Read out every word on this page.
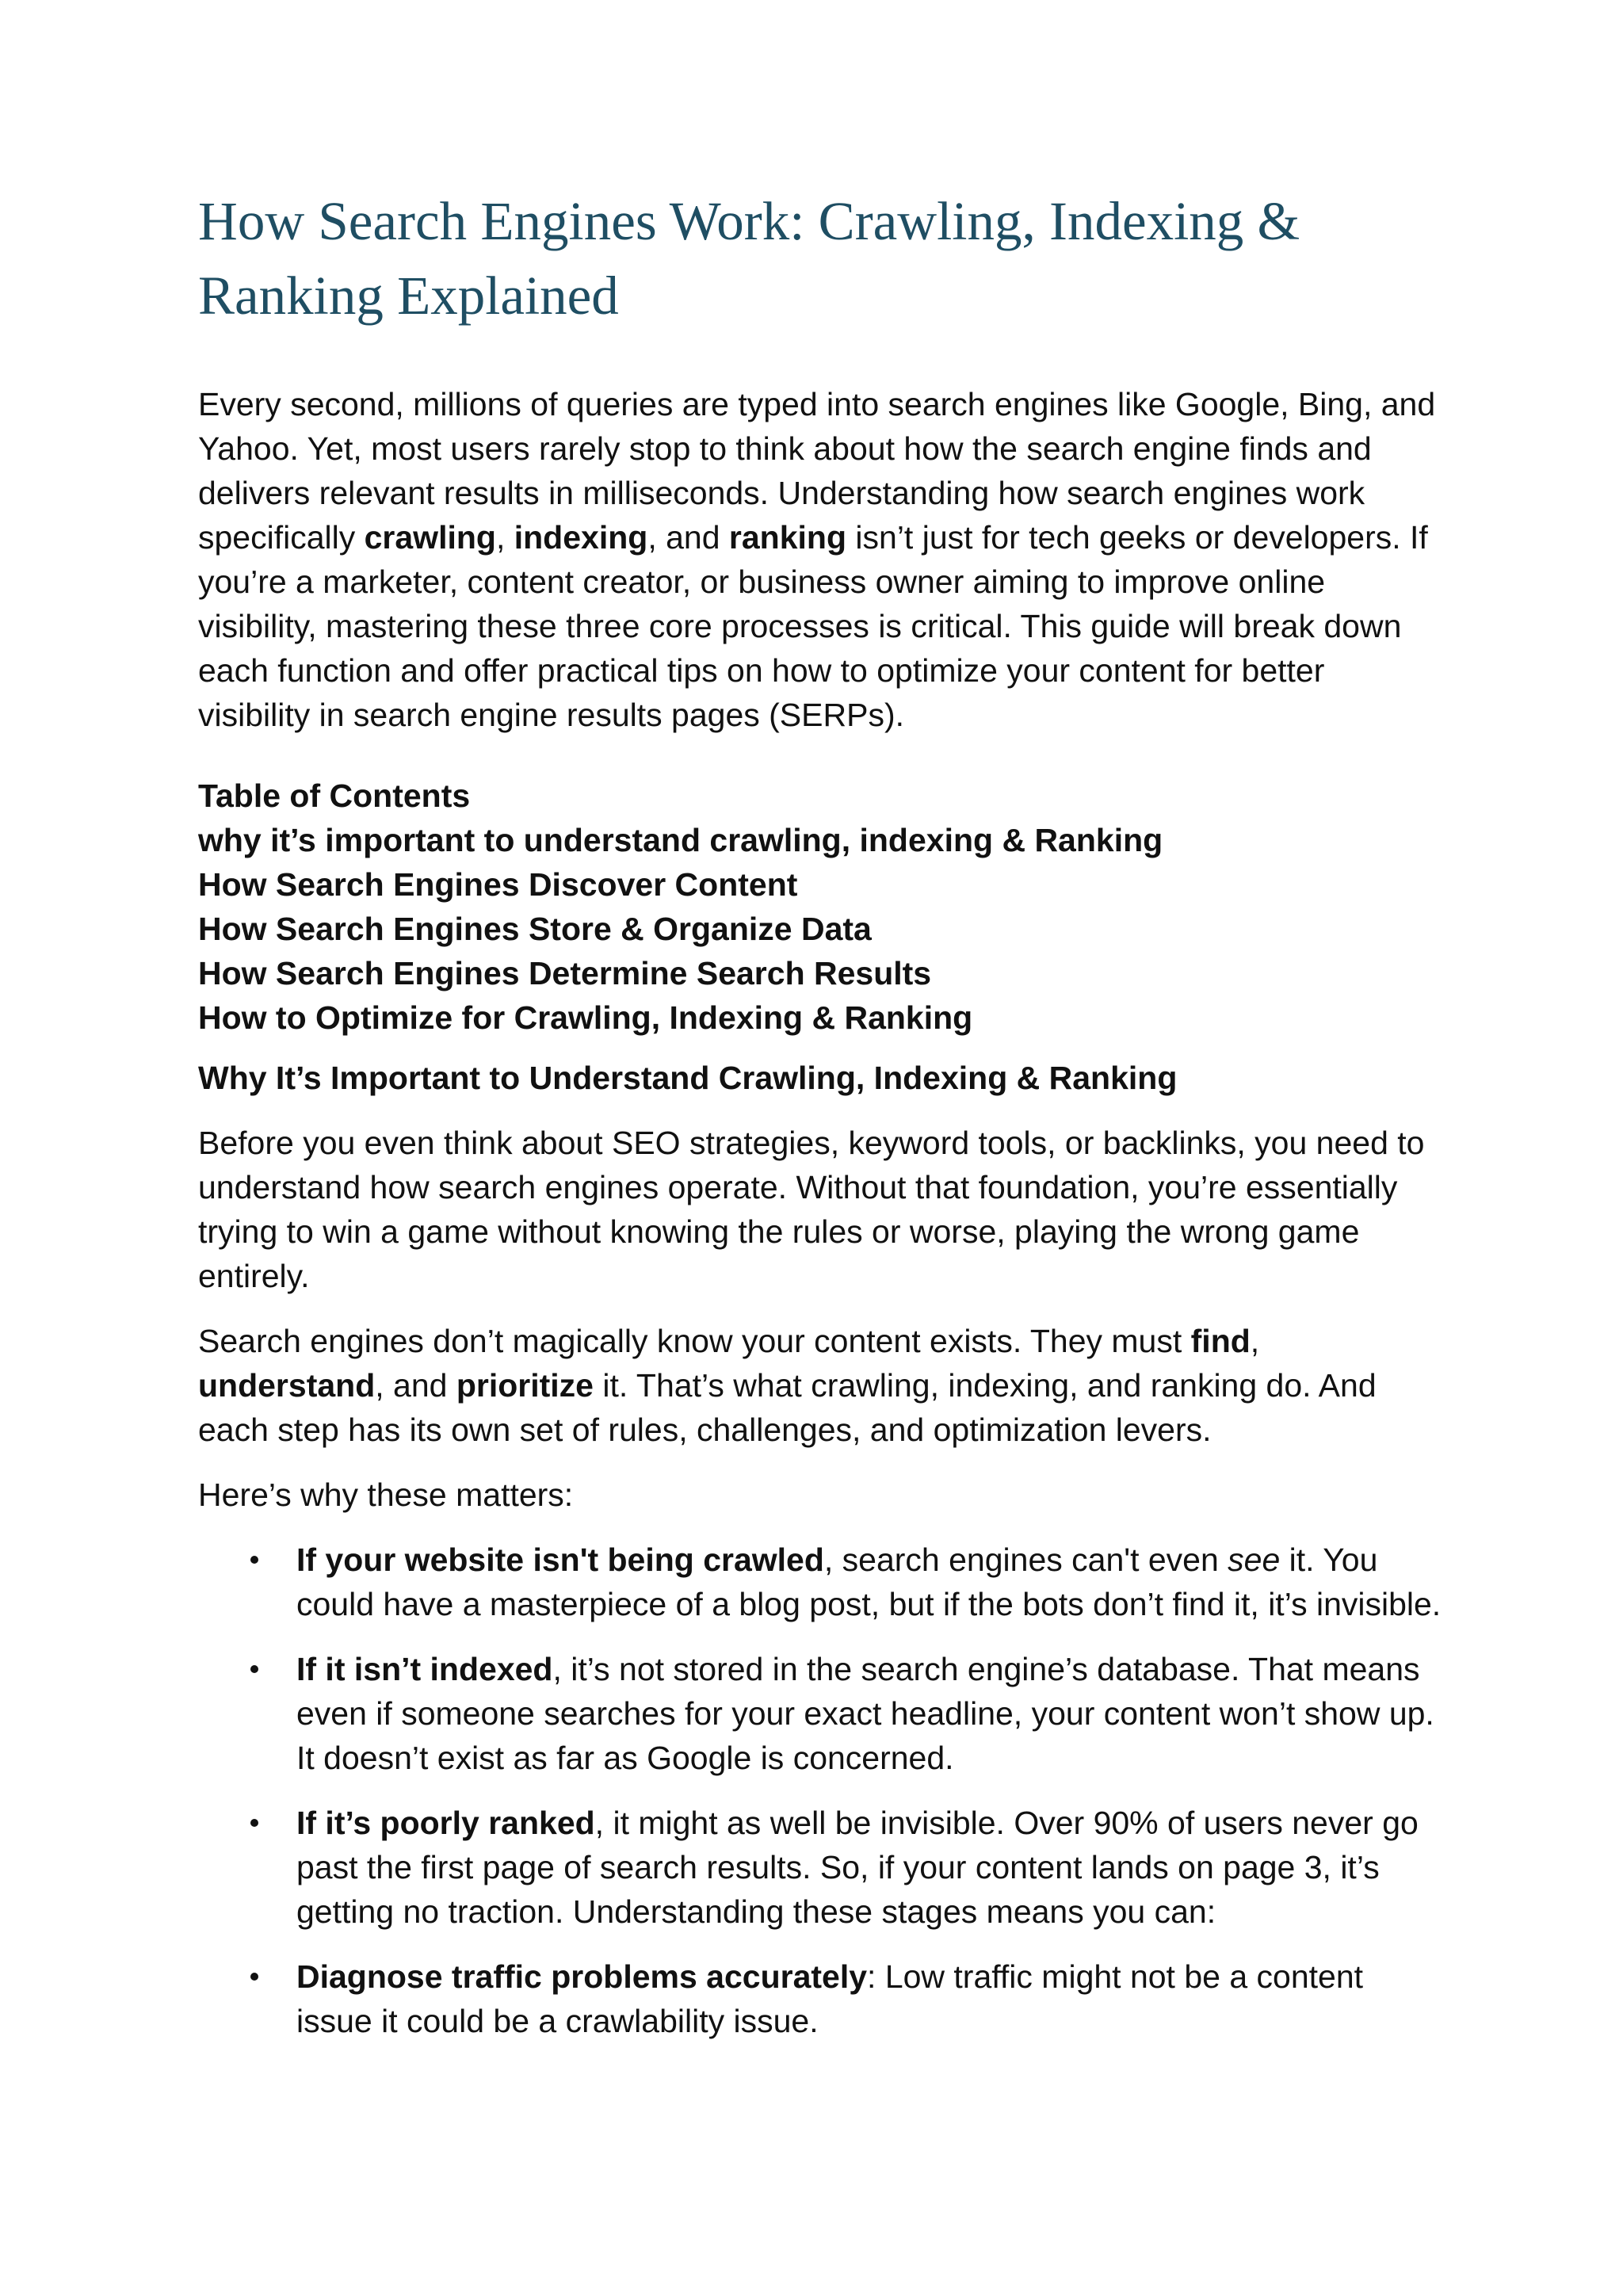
How Search Engines Work: Crawling, Indexing & Ranking Explained

Every second, millions of queries are typed into search engines like Google, Bing, and Yahoo. Yet, most users rarely stop to think about how the search engine finds and delivers relevant results in milliseconds. Understanding how search engines work specifically crawling, indexing, and ranking isn’t just for tech geeks or developers. If you’re a marketer, content creator, or business owner aiming to improve online visibility, mastering these three core processes is critical. This guide will break down each function and offer practical tips on how to optimize your content for better visibility in search engine results pages (SERPs).

Table of Contents
why it’s important to understand crawling, indexing & Ranking
How Search Engines Discover Content
How Search Engines Store & Organize Data
How Search Engines Determine Search Results
How to Optimize for Crawling, Indexing & Ranking

Why It’s Important to Understand Crawling, Indexing & Ranking

Before you even think about SEO strategies, keyword tools, or backlinks, you need to understand how search engines operate. Without that foundation, you’re essentially trying to win a game without knowing the rules or worse, playing the wrong game entirely.

Search engines don’t magically know your content exists. They must find, understand, and prioritize it. That’s what crawling, indexing, and ranking do. And each step has its own set of rules, challenges, and optimization levers.

Here’s why these matters:

If your website isn't being crawled, search engines can't even see it. You could have a masterpiece of a blog post, but if the bots don’t find it, it’s invisible.
If it isn’t indexed, it’s not stored in the search engine’s database. That means even if someone searches for your exact headline, your content won’t show up. It doesn’t exist as far as Google is concerned.
If it’s poorly ranked, it might as well be invisible. Over 90% of users never go past the first page of search results. So, if your content lands on page 3, it’s getting no traction. Understanding these stages means you can:
Diagnose traffic problems accurately: Low traffic might not be a content issue it could be a crawlability issue.
